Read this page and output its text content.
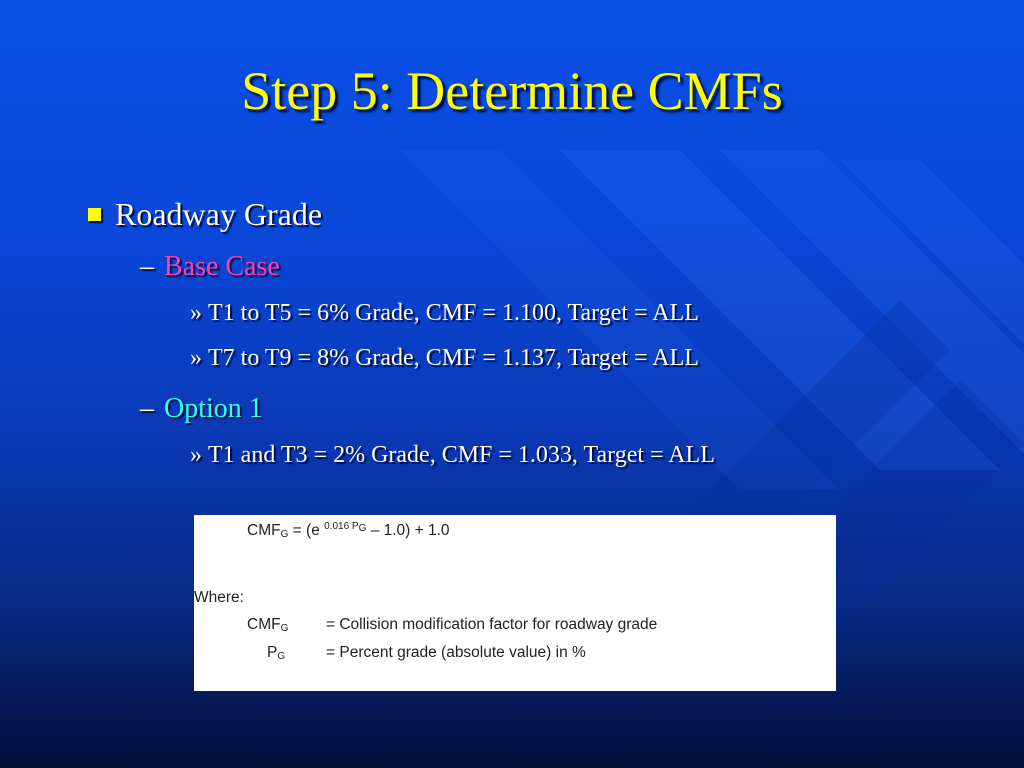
Step 5: Determine CMFs
Roadway Grade
– Base Case
» T1 to T5 = 6% Grade, CMF = 1.100, Target = ALL
» T7 to T9 = 8% Grade, CMF = 1.137, Target = ALL
– Option 1
» T1 and T3 = 2% Grade, CMF = 1.033, Target = ALL
$CMF_G = (e$ $^{0.016 P_G}$ – 1.0) + 1.0
Where:
$CMF_G$ = Collision modification factor for roadway grade
$P_G$	= Percent grade (absolute value) in %
